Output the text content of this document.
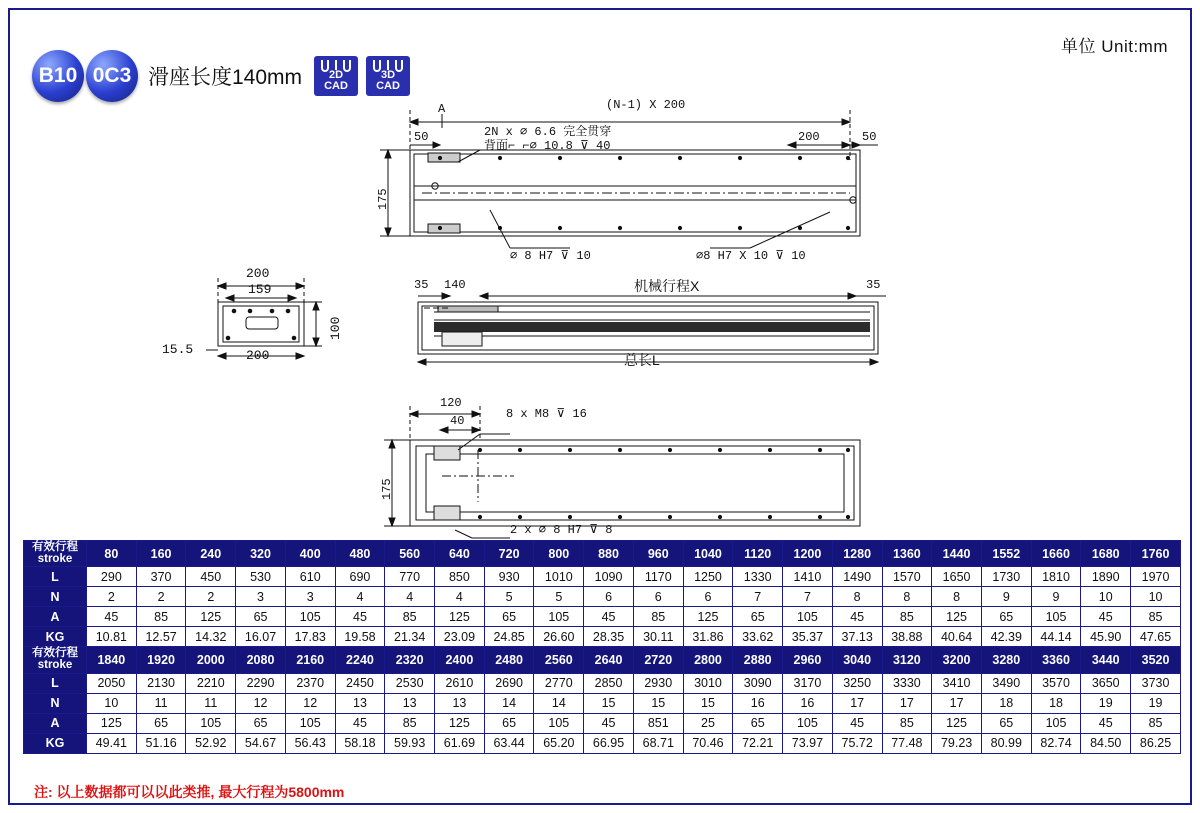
单位 Unit:mm
B10 0C3 滑座长度140mm 2D
CAD
3D
CAD
A	(N-1) X 200
50	200	50
2N x ⌀ 6.6 完全贯穿
背面⌐ ⌐⌀ 10.8 ⊽ 40
175
⌀ 8 H7 ⊽ 10	⌀8 H7 X 10 ⊽ 10
200
159
100
200
15.5
35 140	机械行程X	35
总长L
120
40	8 x M8 ⊽ 16
175
2 x ⌀ 8 H7 ⊽ 8
有效行程
stroke	80	160	240	320	400	480	560	640	720	800	880	960	1040	1120	1200	1280	1360	1440	1552	1660	1680	1760
L	290	370	450	530	610	690	770	850	930	1010	1090	1170	1250	1330	1410	1490	1570	1650	1730	1810	1890	1970
N	2	2	2	3	3	4	4	4	5	5	6	6	6	7	7	8	8	8	9	9	10	10
A	45	85	125	65	105	45	85	125	65	105	45	85	125	65	105	45	85	125	65	105	45	85
KG	10.81	12.57	14.32	16.07	17.83	19.58	21.34	23.09	24.85	26.60	28.35	30.11	31.86	33.62	35.37	37.13	38.88	40.64	42.39	44.14	45.90	47.65

有效行程
stroke	1840	1920	2000	2080	2160	2240	2320	2400	2480	2560	2640	2720	2800	2880	2960	3040	3120	3200	3280	3360	3440	3520
L	2050	2130	2210	2290	2370	2450	2530	2610	2690	2770	2850	2930	3010	3090	3170	3250	3330	3410	3490	3570	3650	3730
N	10	11	11	12	12	13	13	13	14	14	15	15	15	16	16	17	17	17	18	18	19	19
A	125	65	105	65	105	45	85	125	65	105	45	851	25	65	105	45	85	125	65	105	45	85
KG	49.41	51.16	52.92	54.67	56.43	58.18	59.93	61.69	63.44	65.20	66.95	68.71	70.46	72.21	73.97	75.72	77.48	79.23	80.99	82.74	84.50	86.25
注: 以上数据都可以以此类推, 最大行程为5800mm
